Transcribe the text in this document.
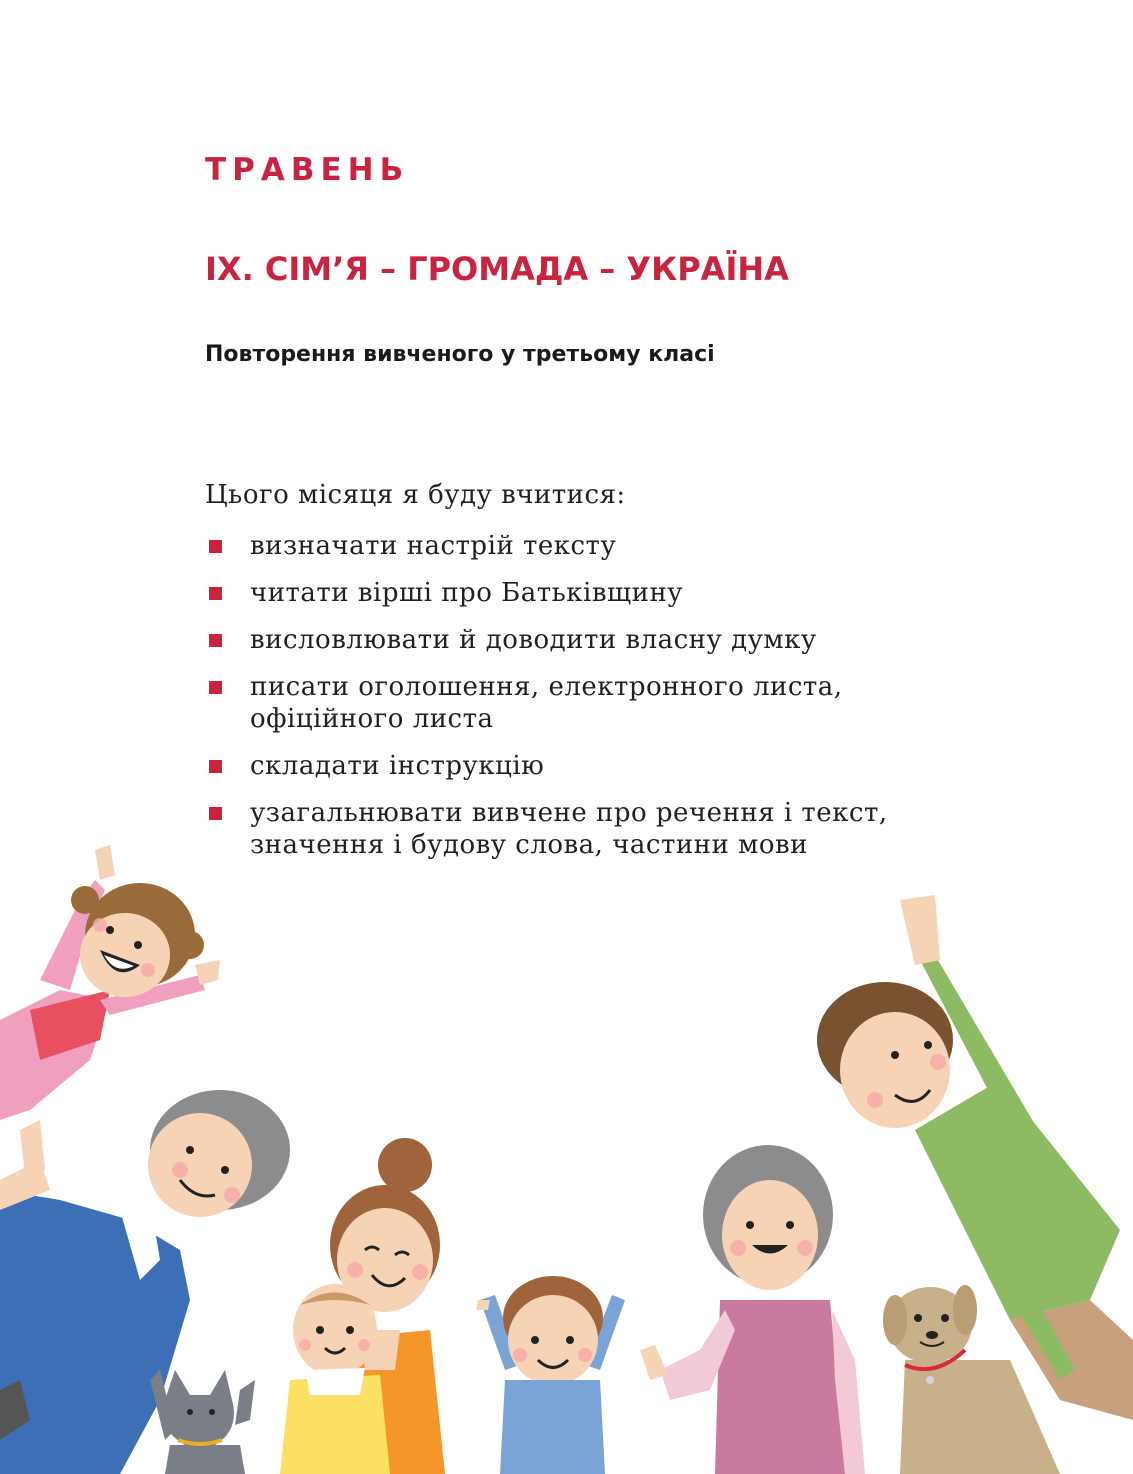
ТРАВЕНЬ
IX. СІМ’Я – ГРОМАДА – УКРАЇНА
Повторення вивченого у третьому класі
Цього місяця я буду вчитися:
визначати настрій тексту
читати вірші про Батьківщину
висловлювати й доводити власну думку
писати оголошення, електронного листа, офіційного листа
складати інструкцію
узагальнювати вивчене про речення і текст, значення і будову слова, частини мови
